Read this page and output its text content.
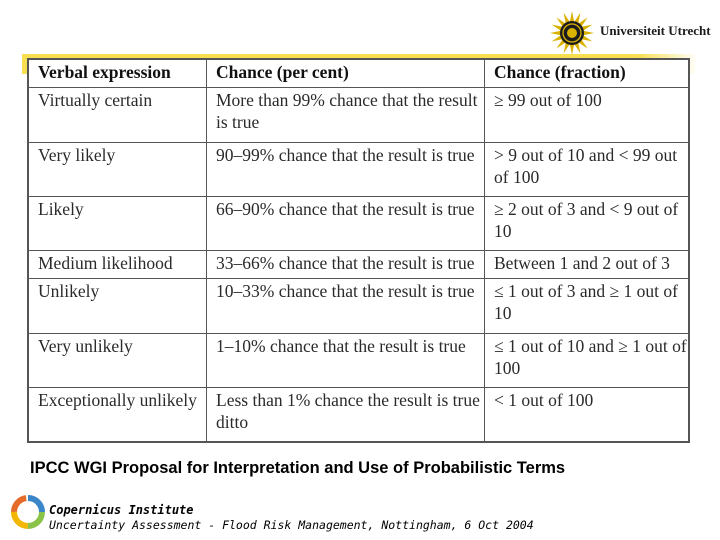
Universiteit Utrecht
Verbal expression	Chance (per cent)	Chance (fraction)
Virtually certain	More than 99% chance that the result is true	≥ 99 out of 100
Very likely	90–99% chance that the result is true	> 9 out of 10 and < 99 out of 100
Likely	66–90% chance that the result is true	≥ 2 out of 3 and < 9 out of 10
Medium likelihood	33–66% chance that the result is true	Between 1 and 2 out of 3
Unlikely	10–33% chance that the result is true	≤ 1 out of 3 and ≥ 1 out of 10
Very unlikely	1–10% chance that the result is true	≤ 1 out of 10 and ≥ 1 out of 100
Exceptionally unlikely	Less than 1% chance the result is true ditto	< 1 out of 100
IPCC WGI Proposal for Interpretation and Use of Probabilistic Terms
Copernicus Institute
Uncertainty Assessment - Flood Risk Management, Nottingham, 6 Oct 2004
